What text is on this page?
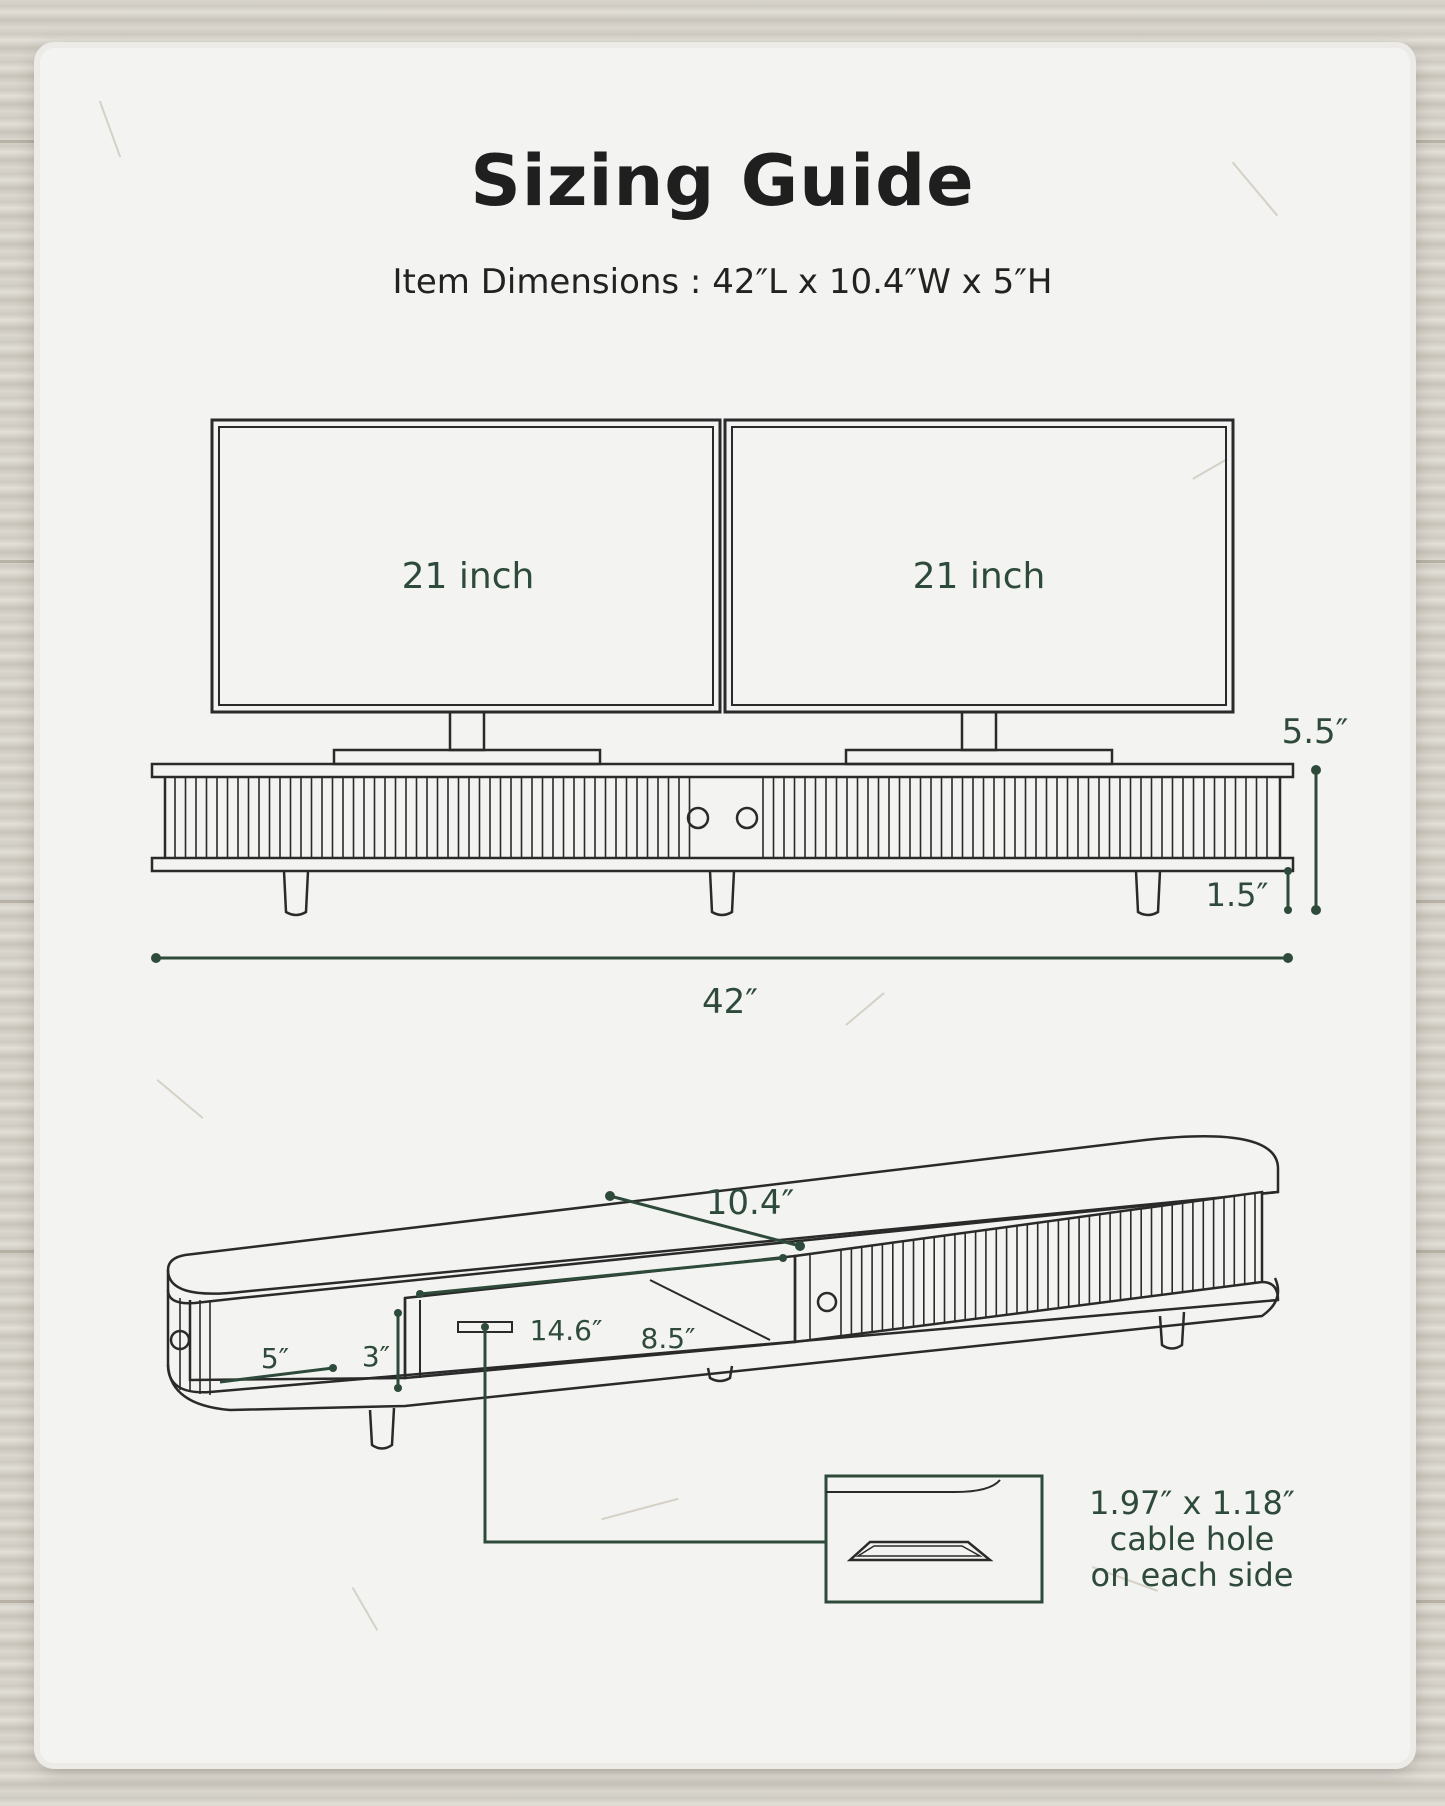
Sizing Guide
Item Dimensions : 42″L x 10.4″W x 5″H
21 inch	21 inch
5.5″
1.5″
42″
10.4″
14.6″ 8.5″
5″	3″
1.97″ x 1.18″
cable hole
on each side
